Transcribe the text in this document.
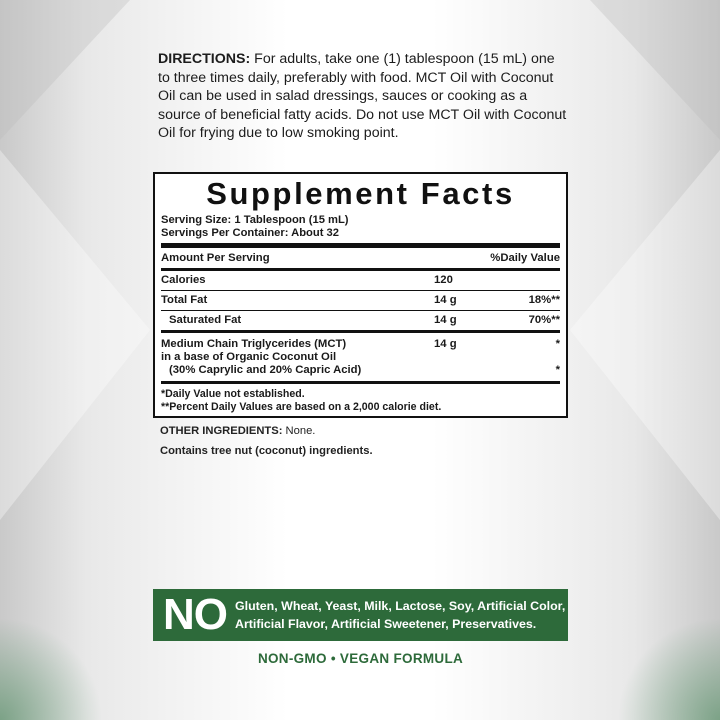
DIRECTIONS: For adults, take one (1) tablespoon (15 mL) one to three times daily, preferably with food. MCT Oil with Coconut Oil can be used in salad dressings, sauces or cooking as a source of beneficial fatty acids. Do not use MCT Oil with Coconut Oil for frying due to low smoking point.
Supplement Facts
Serving Size: 1 Tablespoon (15 mL)
Servings Per Container: About 32
Amount Per Serving	%Daily Value
Calories	120
Total Fat	14 g	18%**
Saturated Fat	14 g	70%**
Medium Chain Triglycerides (MCT)	14 g	*
in a base of Organic Coconut Oil
(30% Caprylic and 20% Capric Acid)	*
*Daily Value not established.
**Percent Daily Values are based on a 2,000 calorie diet.
OTHER INGREDIENTS: None.
Contains tree nut (coconut) ingredients.
NO Gluten, Wheat, Yeast, Milk, Lactose, Soy, Artificial Color,
Artificial Flavor, Artificial Sweetener, Preservatives.
NON-GMO • VEGAN FORMULA
